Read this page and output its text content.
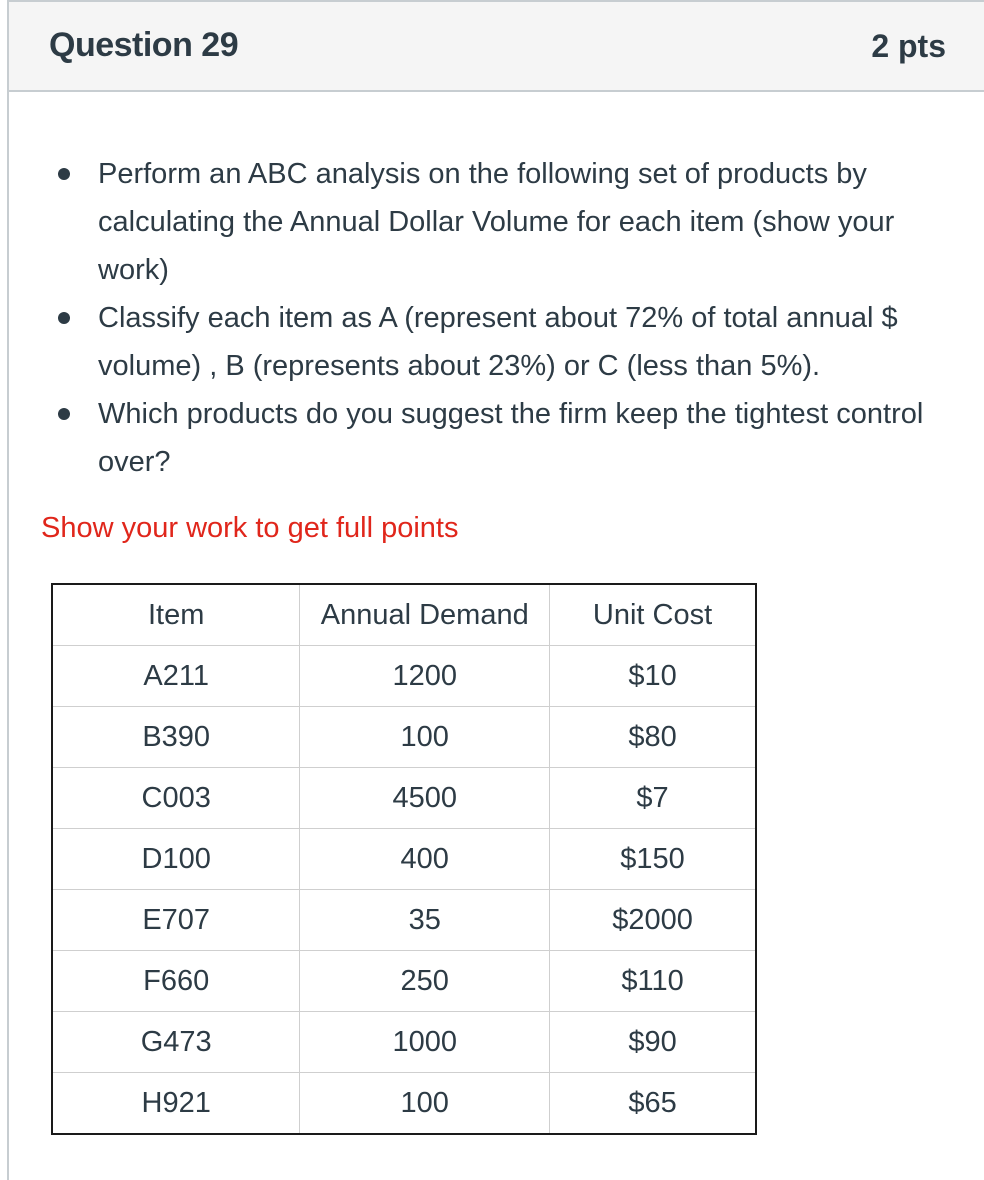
Question 29	2 pts
Perform an ABC analysis on the following set of products by calculating the Annual Dollar Volume for each item (show your work)
Classify each item as A (represent about 72% of total annual $ volume) , B (represents about 23%) or C (less than 5%).
Which products do you suggest the firm keep the tightest control over?
Show your work to get full points
Item	Annual Demand	Unit Cost
A211	1200	$10
B390	100	$80
C003	4500	$7
D100	400	$150
E707	35	$2000
F660	250	$110
G473	1000	$90
H921	100	$65
